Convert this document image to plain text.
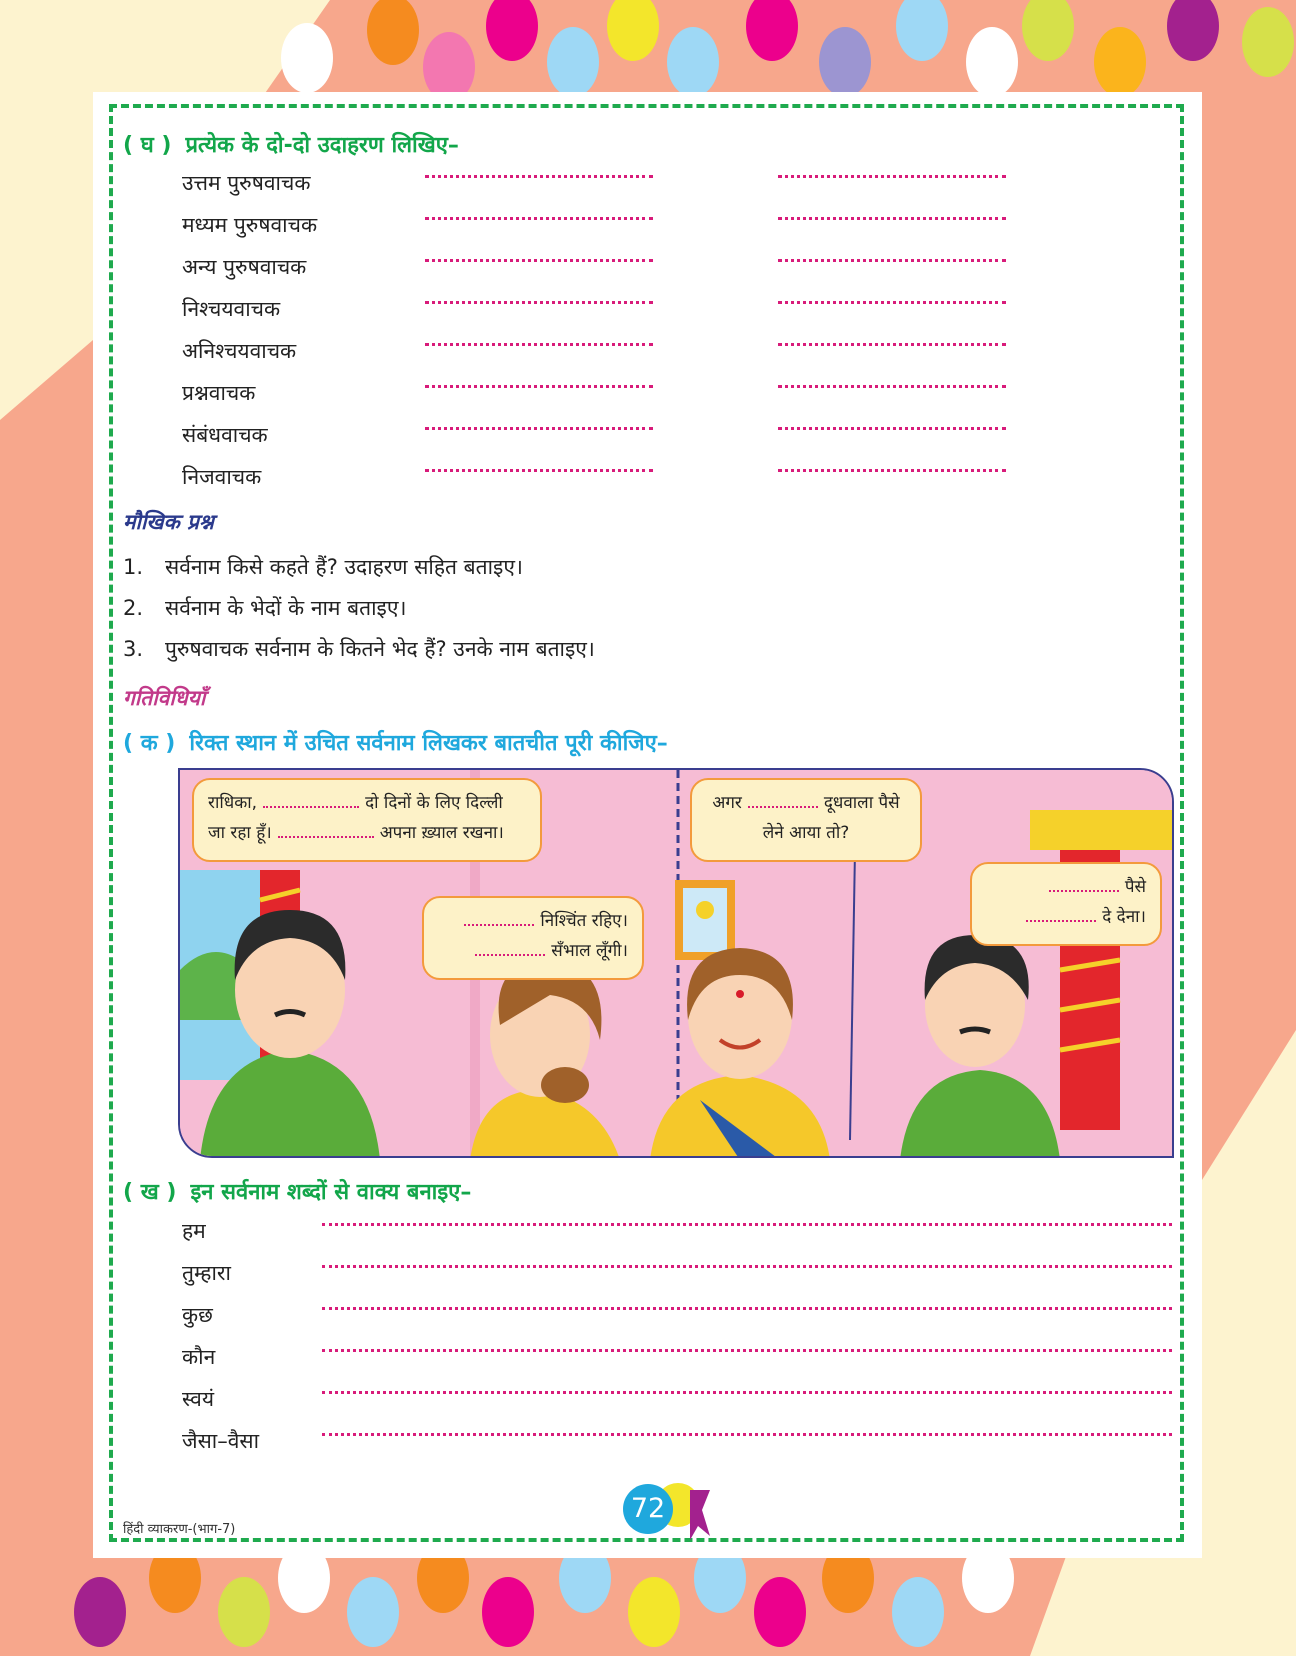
( घ ) प्रत्येक के दो-दो उदाहरण लिखिए–
उत्तम पुरुषवाचक
मध्यम पुरुषवाचक
अन्य पुरुषवाचक
निश्चयवाचक
अनिश्चयवाचक
प्रश्नवाचक
संबंधवाचक
निजवाचक
मौखिक प्रश्न
1. सर्वनाम किसे कहते हैं? उदाहरण सहित बताइए।
2. सर्वनाम के भेदों के नाम बताइए।
3. पुरुषवाचक सर्वनाम के कितने भेद हैं? उनके नाम बताइए।
गतिविधियाँ
( क ) रिक्त स्थान में उचित सर्वनाम लिखकर बातचीत पूरी कीजिए–
राधिका,	दो दिनों के लिए दिल्ली
जा रहा हूँ।	अपना ख़्याल रखना।
निश्चिंत रहिए।
सँभाल लूँगी।
अगर	दूधवाला पैसे
लेने आया तो?
पैसे
दे देना।
( ख ) इन सर्वनाम शब्दों से वाक्य बनाइए–
हम
तुम्हारा
कुछ
कौन
स्वयं
जैसा–वैसा
72
हिंदी व्याकरण-(भाग-7)
